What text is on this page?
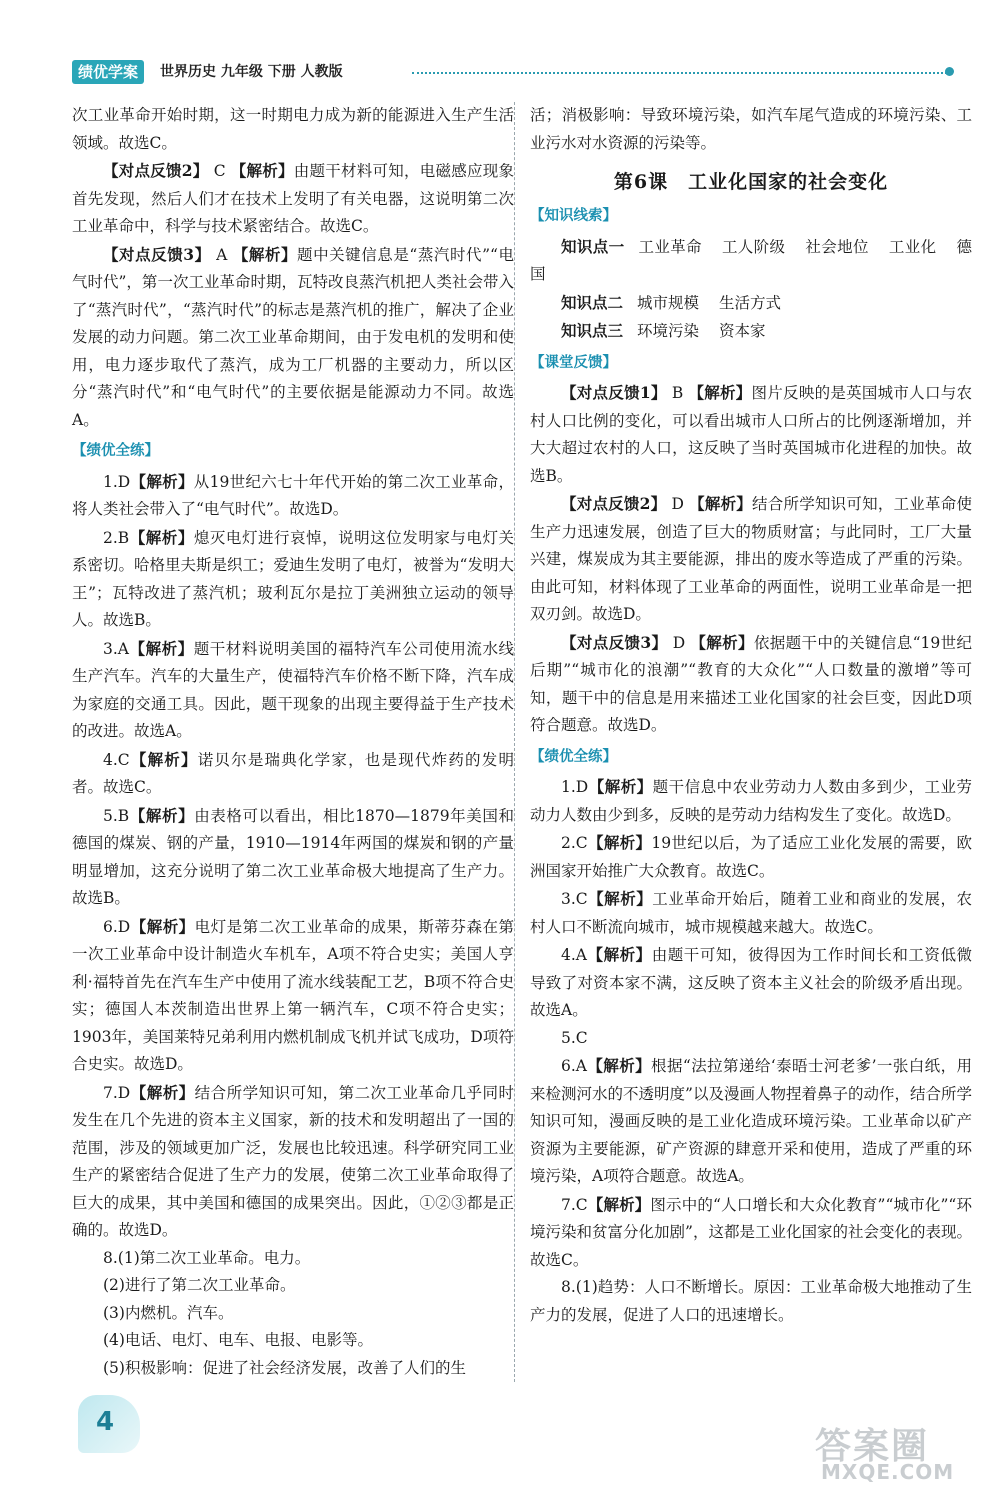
绩优学案	世界历史 九年级 下册 人教版

次工业革命开始时期，这一时期电力成为新的能源进入生产生活领域。故选C。

【对点反馈2】 C 【解析】由题干材料可知，电磁感应现象首先发现，然后人们才在技术上发明了有关电器，这说明第二次工业革命中，科学与技术紧密结合。故选C。

【对点反馈3】 A 【解析】题中关键信息是“蒸汽时代”“电气时代”，第一次工业革命时期，瓦特改良蒸汽机把人类社会带入了“蒸汽时代”，“蒸汽时代”的标志是蒸汽机的推广，解决了企业发展的动力问题。第二次工业革命期间，由于发电机的发明和使用，电力逐步取代了蒸汽，成为工厂机器的主要动力，所以区分“蒸汽时代”和“电气时代”的主要依据是能源动力不同。故选A。

【绩优全练】

1.D【解析】从19世纪六七十年代开始的第二次工业革命，将人类社会带入了“电气时代”。故选D。

2.B【解析】熄灭电灯进行哀悼，说明这位发明家与电灯关系密切。哈格里夫斯是织工；爱迪生发明了电灯，被誉为“发明大王”；瓦特改进了蒸汽机；玻利瓦尔是拉丁美洲独立运动的领导人。故选B。

3.A【解析】题干材料说明美国的福特汽车公司使用流水线生产汽车。汽车的大量生产，使福特汽车价格不断下降，汽车成为家庭的交通工具。因此，题干现象的出现主要得益于生产技术的改进。故选A。

4.C【解析】诺贝尔是瑞典化学家，也是现代炸药的发明者。故选C。

5.B【解析】由表格可以看出，相比1870—1879年美国和德国的煤炭、钢的产量，1910—1914年两国的煤炭和钢的产量明显增加，这充分说明了第二次工业革命极大地提高了生产力。故选B。

6.D【解析】电灯是第二次工业革命的成果，斯蒂芬森在第一次工业革命中设计制造火车机车，A项不符合史实；美国人亨利·福特首先在汽车生产中使用了流水线装配工艺，B项不符合史实；德国人本茨制造出世界上第一辆汽车，C项不符合史实；1903年，美国莱特兄弟利用内燃机制成飞机并试飞成功，D项符合史实。故选D。

7.D【解析】结合所学知识可知，第二次工业革命几乎同时发生在几个先进的资本主义国家，新的技术和发明超出了一国的范围，涉及的领域更加广泛，发展也比较迅速。科学研究同工业生产的紧密结合促进了生产力的发展，使第二次工业革命取得了巨大的成果，其中美国和德国的成果突出。因此，①②③都是正确的。故选D。

8.(1)第二次工业革命。电力。

(2)进行了第二次工业革命。

(3)内燃机。汽车。

(4)电话、电灯、电车、电报、电影等。

(5)积极影响：促进了社会经济发展，改善了人们的生

活；消极影响：导致环境污染，如汽车尾气造成的环境污染、工业污水对水资源的污染等。

第6课　工业化国家的社会变化

【知识线索】

知识点一 工业革命 工人阶级 社会地位 工业化 德国

知识点二 城市规模 生活方式

知识点三 环境污染 资本家

【课堂反馈】

【对点反馈1】 B 【解析】图片反映的是英国城市人口与农村人口比例的变化，可以看出城市人口所占的比例逐渐增加，并大大超过农村的人口，这反映了当时英国城市化进程的加快。故选B。

【对点反馈2】 D 【解析】结合所学知识可知，工业革命使生产力迅速发展，创造了巨大的物质财富；与此同时，工厂大量兴建，煤炭成为其主要能源，排出的废水等造成了严重的污染。由此可知，材料体现了工业革命的两面性，说明工业革命是一把双刃剑。故选D。

【对点反馈3】 D 【解析】依据题干中的关键信息“19世纪后期”“城市化的浪潮”“教育的大众化”“人口数量的激增”等可知，题干中的信息是用来描述工业化国家的社会巨变，因此D项符合题意。故选D。

【绩优全练】

1.D【解析】题干信息中农业劳动力人数由多到少，工业劳动力人数由少到多，反映的是劳动力结构发生了变化。故选D。

2.C【解析】19世纪以后，为了适应工业化发展的需要，欧洲国家开始推广大众教育。故选C。

3.C【解析】工业革命开始后，随着工业和商业的发展，农村人口不断流向城市，城市规模越来越大。故选C。

4.A【解析】由题干可知，彼得因为工作时间长和工资低微导致了对资本家不满，这反映了资本主义社会的阶级矛盾出现。故选A。

5.C

6.A【解析】根据“法拉第递给‘泰晤士河老爹’一张白纸，用来检测河水的不透明度”以及漫画人物捏着鼻子的动作，结合所学知识可知，漫画反映的是工业化造成环境污染。工业革命以矿产资源为主要能源，矿产资源的肆意开采和使用，造成了严重的环境污染，A项符合题意。故选A。

7.C【解析】图示中的“人口增长和大众化教育”“城市化”“环境污染和贫富分化加剧”，这都是工业化国家的社会变化的表现。故选C。

8.(1)趋势：人口不断增长。原因：工业革命极大地推动了生产力的发展，促进了人口的迅速增长。

4
答案圈
MXQE.COM
